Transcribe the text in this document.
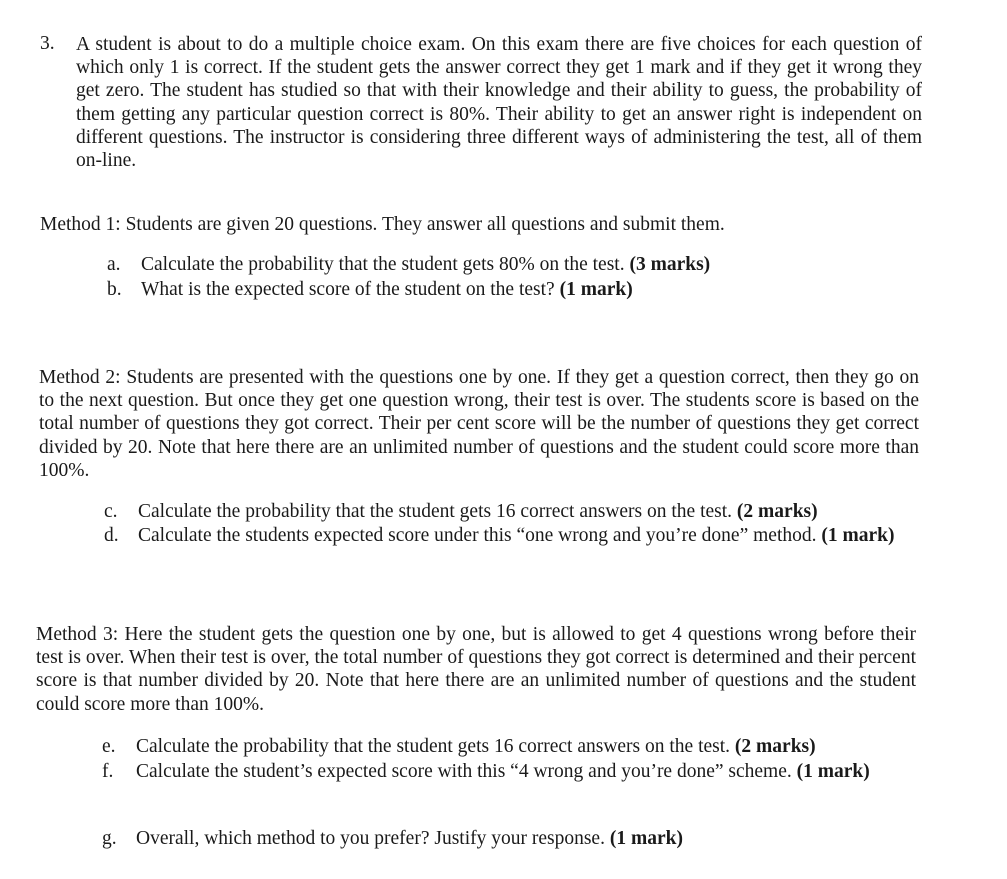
3. A student is about to do a multiple choice exam. On this exam there are five choices for each question of which only 1 is correct. If the student gets the answer correct they get 1 mark and if they get it wrong they get zero. The student has studied so that with their knowledge and their ability to guess, the probability of them getting any particular question correct is 80%. Their ability to get an answer right is independent on different questions. The instructor is considering three different ways of administering the test, all of them on-line.

Method 1: Students are given 20 questions. They answer all questions and submit them.

a.	Calculate the probability that the student gets 80% on the test. (3 marks)
b. What is the expected score of the student on the test? (1 mark)

Method 2: Students are presented with the questions one by one. If they get a question correct, then they go on to the next question. But once they get one question wrong, their test is over. The students score is based on the total number of questions they got correct. Their per cent score will be the number of questions they get correct divided by 20. Note that here there are an unlimited number of questions and the student could score more than 100%.

c.	Calculate the probability that the student gets 16 correct answers on the test. (2 marks)
d. Calculate the students expected score under this “one wrong and you’re done” method. (1 mark)

Method 3: Here the student gets the question one by one, but is allowed to get 4 questions wrong before their test is over. When their test is over, the total number of questions they got correct is determined and their percent score is that number divided by 20. Note that here there are an unlimited number of questions and the student could score more than 100%.

e.	Calculate the probability that the student gets 16 correct answers on the test. (2 marks)
f.	Calculate the student’s expected score with this “4 wrong and you’re done” scheme. (1 mark)
g. Overall, which method to you prefer? Justify your response. (1 mark)
